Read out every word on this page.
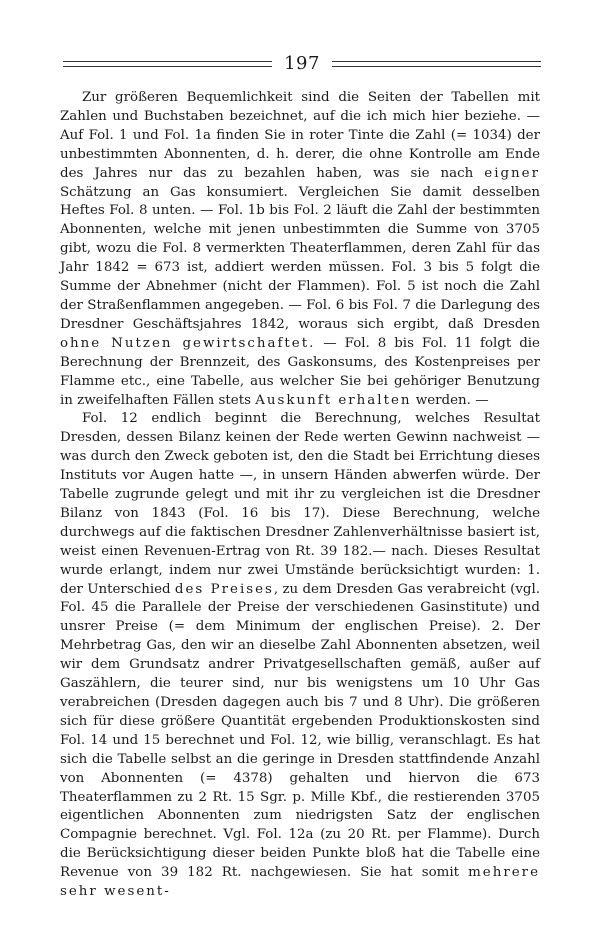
197

Zur größeren Bequemlichkeit sind die Seiten der Tabellen mit Zahlen und Buchstaben bezeichnet, auf die ich mich hier beziehe. — Auf Fol. 1 und Fol. 1a finden Sie in roter Tinte die Zahl (= 1034) der unbestimmten Abonnenten, d. h. derer, die ohne Kontrolle am Ende des Jahres nur das zu bezahlen haben, was sie nach eigner Schätzung an Gas konsumiert. Vergleichen Sie damit desselben Heftes Fol. 8 unten. — Fol. 1b bis Fol. 2 läuft die Zahl der bestimmten Abonnenten, welche mit jenen unbestimmten die Summe von 3705 gibt, wozu die Fol. 8 vermerkten Theaterflammen, deren Zahl für das Jahr 1842 = 673 ist, addiert werden müssen. Fol. 3 bis 5 folgt die Summe der Abnehmer (nicht der Flammen). Fol. 5 ist noch die Zahl der Straßenflammen angegeben. — Fol. 6 bis Fol. 7 die Darlegung des Dresdner Geschäftsjahres 1842, woraus sich ergibt, daß Dresden ohne Nutzen gewirtschaftet. — Fol. 8 bis Fol. 11 folgt die Berechnung der Brennzeit, des Gaskonsums, des Kostenpreises per Flamme etc., eine Tabelle, aus welcher Sie bei gehöriger Benutzung in zweifelhaften Fällen stets Auskunft erhalten werden. —

Fol. 12 endlich beginnt die Berechnung, welches Resultat Dresden, dessen Bilanz keinen der Rede werten Gewinn nachweist — was durch den Zweck geboten ist, den die Stadt bei Errichtung dieses Instituts vor Augen hatte —, in unsern Händen abwerfen würde. Der Tabelle zugrunde gelegt und mit ihr zu vergleichen ist die Dresdner Bilanz von 1843 (Fol. 16 bis 17). Diese Berechnung, welche durchwegs auf die faktischen Dresdner Zahlenverhältnisse basiert ist, weist einen Revenuen-Ertrag von Rt. 39 182.— nach. Dieses Resultat wurde erlangt, indem nur zwei Umstände berücksichtigt wurden: 1. der Unterschied des Preises, zu dem Dresden Gas verabreicht (vgl. Fol. 45 die Parallele der Preise der verschiedenen Gasinstitute) und unsrer Preise (= dem Minimum der englischen Preise). 2. Der Mehrbetrag Gas, den wir an dieselbe Zahl Abonnenten absetzen, weil wir dem Grundsatz andrer Privatgesellschaften gemäß, außer auf Gaszählern, die teurer sind, nur bis wenigstens um 10 Uhr Gas verabreichen (Dresden dagegen auch bis 7 und 8 Uhr). Die größeren sich für diese größere Quantität ergebenden Produktionskosten sind Fol. 14 und 15 berechnet und Fol. 12, wie billig, veranschlagt. Es hat sich die Tabelle selbst an die geringe in Dresden stattfindende Anzahl von Abonnenten (= 4378) gehalten und hiervon die 673 Theaterflammen zu 2 Rt. 15 Sgr. p. Mille Kbf., die restierenden 3705 eigentlichen Abonnenten zum niedrigsten Satz der englischen Compagnie berechnet. Vgl. Fol. 12a (zu 20 Rt. per Flamme). Durch die Berücksichtigung dieser beiden Punkte bloß hat die Tabelle eine Revenue von 39 182 Rt. nachgewiesen. Sie hat somit mehrere sehr wesent-
